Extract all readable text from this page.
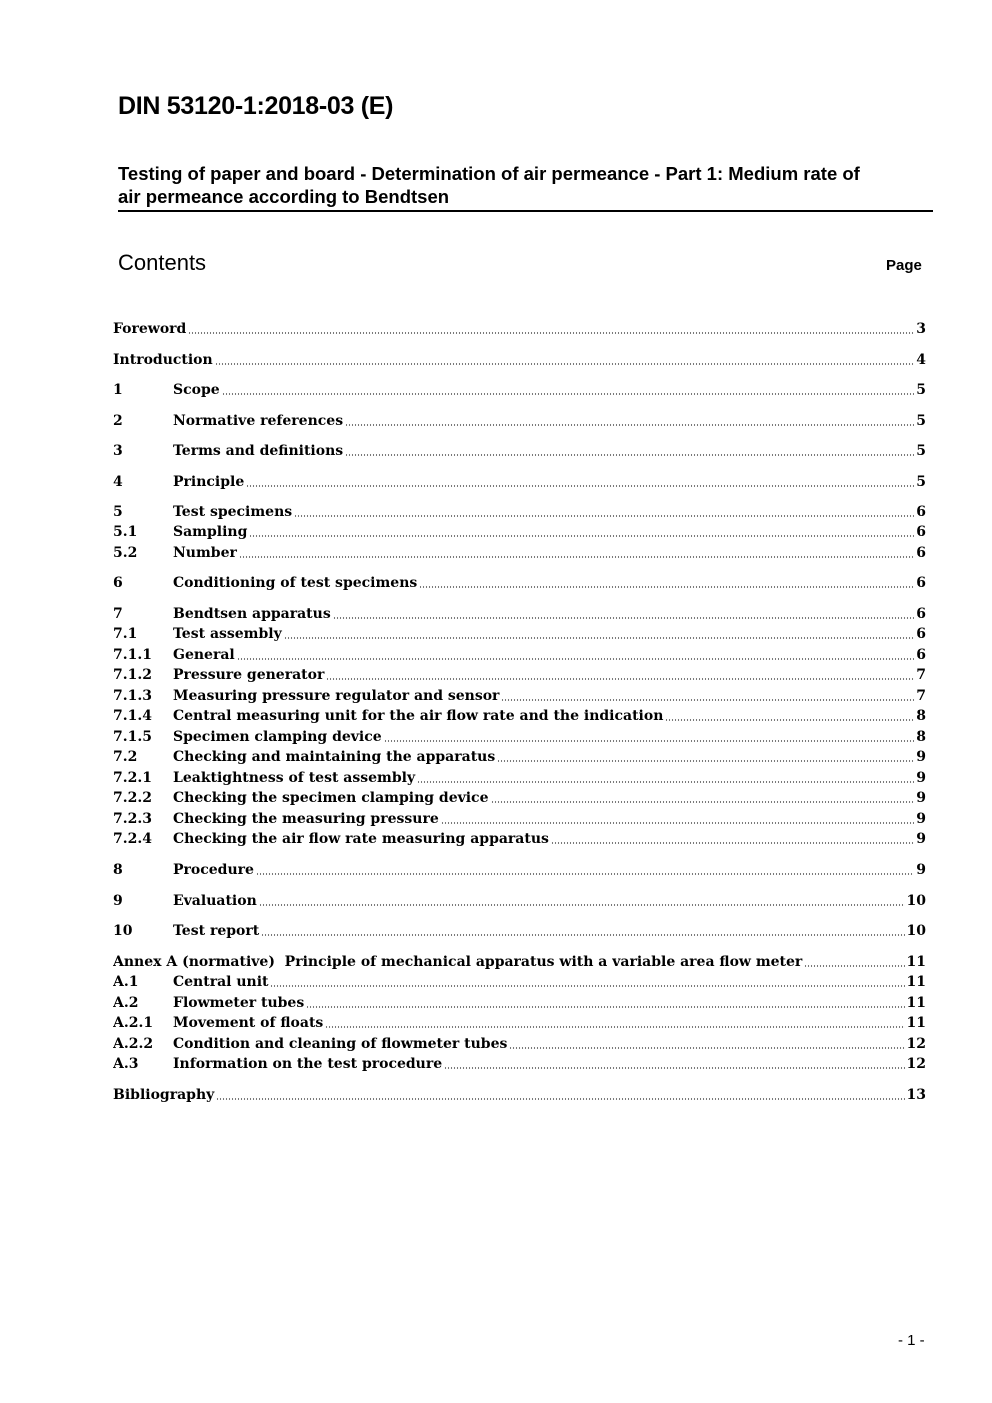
DIN 53120-1:2018-03 (E)
Testing of paper and board - Determination of air permeance - Part 1: Medium rate of
air permeance according to Bendtsen
Contents	Page
Foreword	3
Introduction	4
1	Scope	5
2	Normative references	5
3	Terms and definitions	5
4	Principle	5
5	Test specimens	6
5.1	Sampling	6
5.2	Number	6
6	Conditioning of test specimens	6
7	Bendtsen apparatus	6
7.1	Test assembly	6
7.1.1	General	6
7.1.2	Pressure generator	7
7.1.3	Measuring pressure regulator and sensor	7
7.1.4	Central measuring unit for the air flow rate and the indication	8
7.1.5	Specimen clamping device	8
7.2	Checking and maintaining the apparatus	9
7.2.1	Leaktightness of test assembly	9
7.2.2	Checking the specimen clamping device	9
7.2.3	Checking the measuring pressure	9
7.2.4	Checking the air flow rate measuring apparatus	9
8	Procedure	9
9	Evaluation	10
10	Test report	10
Annex A (normative)  Principle of mechanical apparatus with a variable area flow meter	11
A.1	Central unit	11
A.2	Flowmeter tubes	11
A.2.1	Movement of floats	11
A.2.2	Condition and cleaning of flowmeter tubes	12
A.3	Information on the test procedure	12
Bibliography	13
- 1 -
